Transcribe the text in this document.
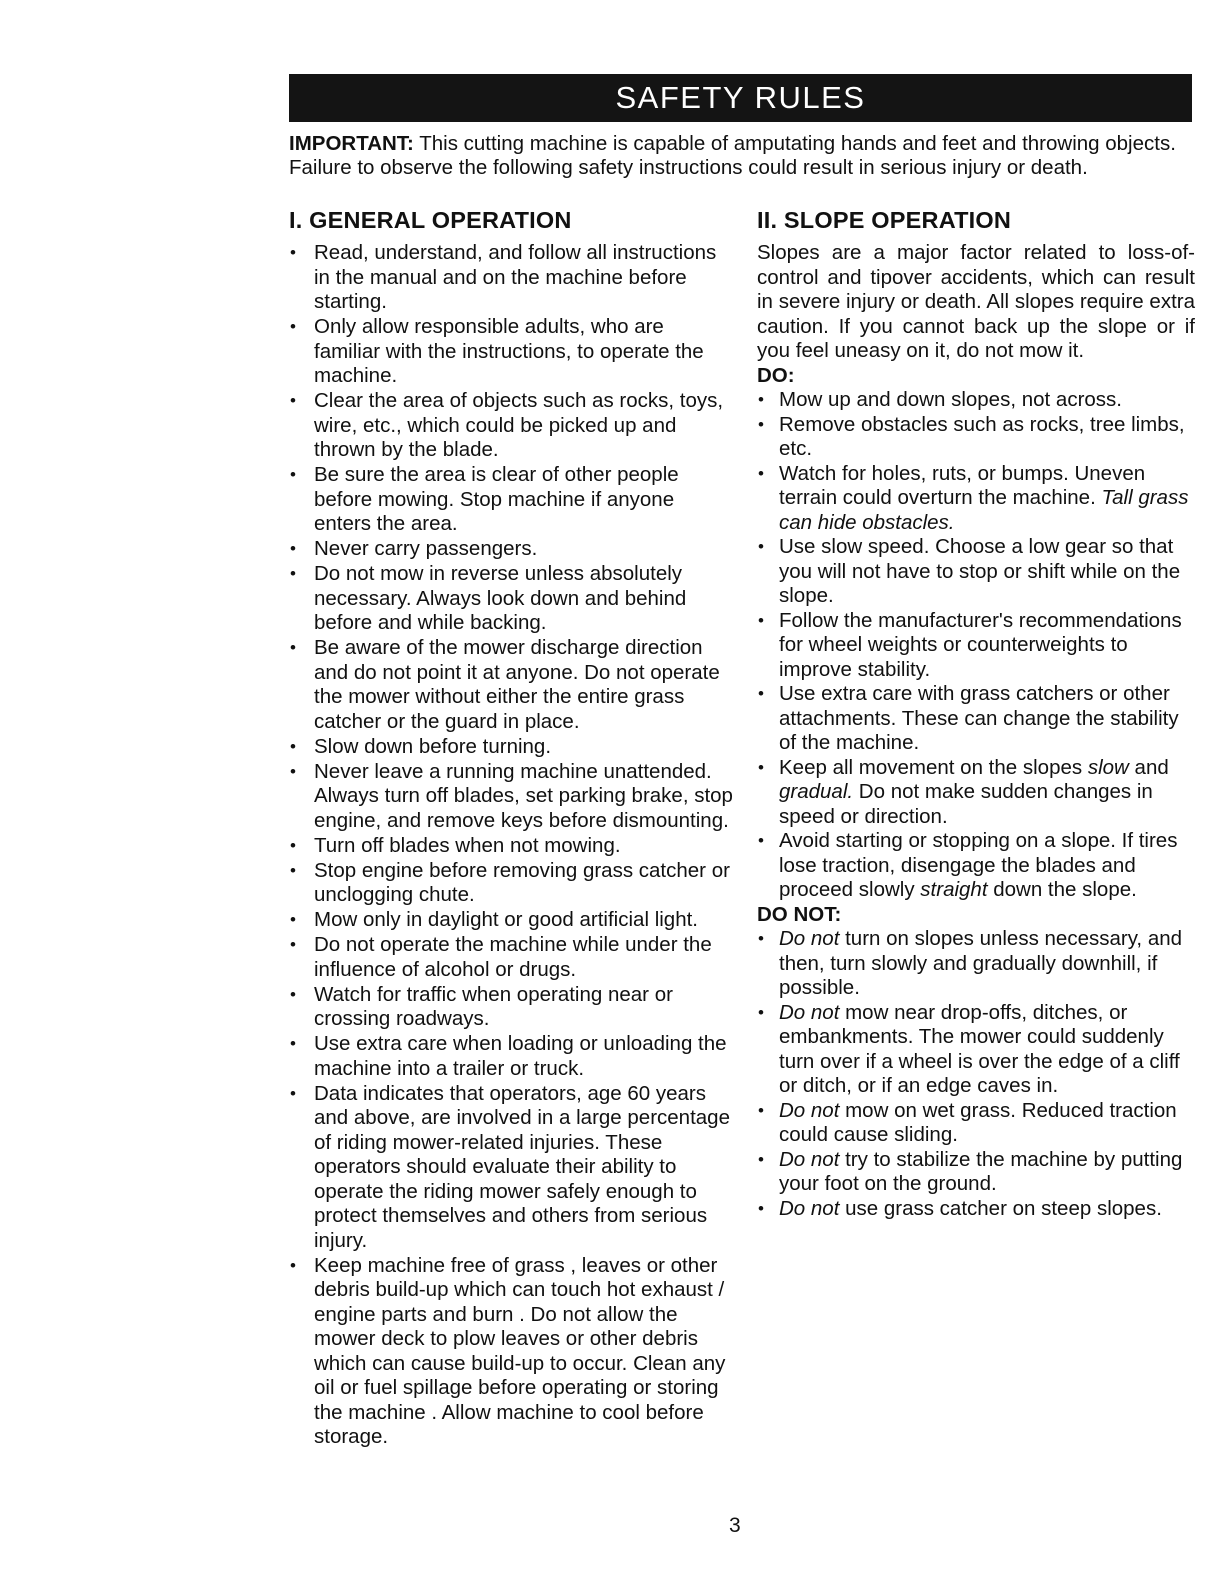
SAFETY RULES

IMPORTANT: This cutting machine is capable of amputating hands and feet and throwing objects. Failure to observe the following safety instructions could result in serious injury or death.

I. GENERAL OPERATION
• Read, understand, and follow all instructions in the manual and on the machine before starting.
• Only allow responsible adults, who are familiar with the instructions, to operate the machine.
• Clear the area of objects such as rocks, toys, wire, etc., which could be picked up and thrown by the blade.
• Be sure the area is clear of other people before mowing. Stop machine if anyone enters the area.
• Never carry passengers.
• Do not mow in reverse unless absolutely necessary. Always look down and behind before and while backing.
• Be aware of the mower discharge direction and do not point it at anyone. Do not operate the mower without either the entire grass catcher or the guard in place.
• Slow down before turning.
• Never leave a running machine unattended. Always turn off blades, set parking brake, stop engine, and remove keys before dismounting.
• Turn off blades when not mowing.
• Stop engine before removing grass catcher or unclogging chute.
• Mow only in daylight or good artificial light.
• Do not operate the machine while under the influence of alcohol or drugs.
• Watch for traffic when operating near or crossing roadways.
• Use extra care when loading or unloading the machine into a trailer or truck.
• Data indicates that operators, age 60 years and above, are involved in a large percentage of riding mower-related injuries. These operators should evaluate their ability to operate the riding mower safely enough to protect themselves and others from serious injury.
• Keep machine free of grass , leaves or other debris build-up which can touch hot exhaust / engine parts and burn . Do not allow the mower deck to plow leaves or other debris which can cause build-up to occur. Clean any oil or fuel spillage before operating or storing the machine . Allow machine to cool before storage.
II. SLOPE OPERATION

Slopes are a major factor related to loss-of-control and tipover accidents, which can result in severe injury or death. All slopes require extra caution. If you cannot back up the slope or if you feel uneasy on it, do not mow it.

DO:

• Mow up and down slopes, not across.
• Remove obstacles such as rocks, tree limbs, etc.
• Watch for holes, ruts, or bumps. Uneven terrain could overturn the machine. Tall grass can hide obstacles.
• Use slow speed. Choose a low gear so that you will not have to stop or shift while on the slope.
• Follow the manufacturer's recommendations for wheel weights or counterweights to improve stability.
• Use extra care with grass catchers or other attachments. These can change the stability of the machine.
• Keep all movement on the slopes slow and gradual. Do not make sudden changes in speed or direction.
• Avoid starting or stopping on a slope. If tires lose traction, disengage the blades and proceed slowly straight down the slope.

DO NOT:

• Do not turn on slopes unless necessary, and then, turn slowly and gradually downhill, if possible.
• Do not mow near drop-offs, ditches, or embankments. The mower could suddenly turn over if a wheel is over the edge of a cliff or ditch, or if an edge caves in.
• Do not mow on wet grass. Reduced traction could cause sliding.
• Do not try to stabilize the machine by putting your foot on the ground.
• Do not use grass catcher on steep slopes.
3
